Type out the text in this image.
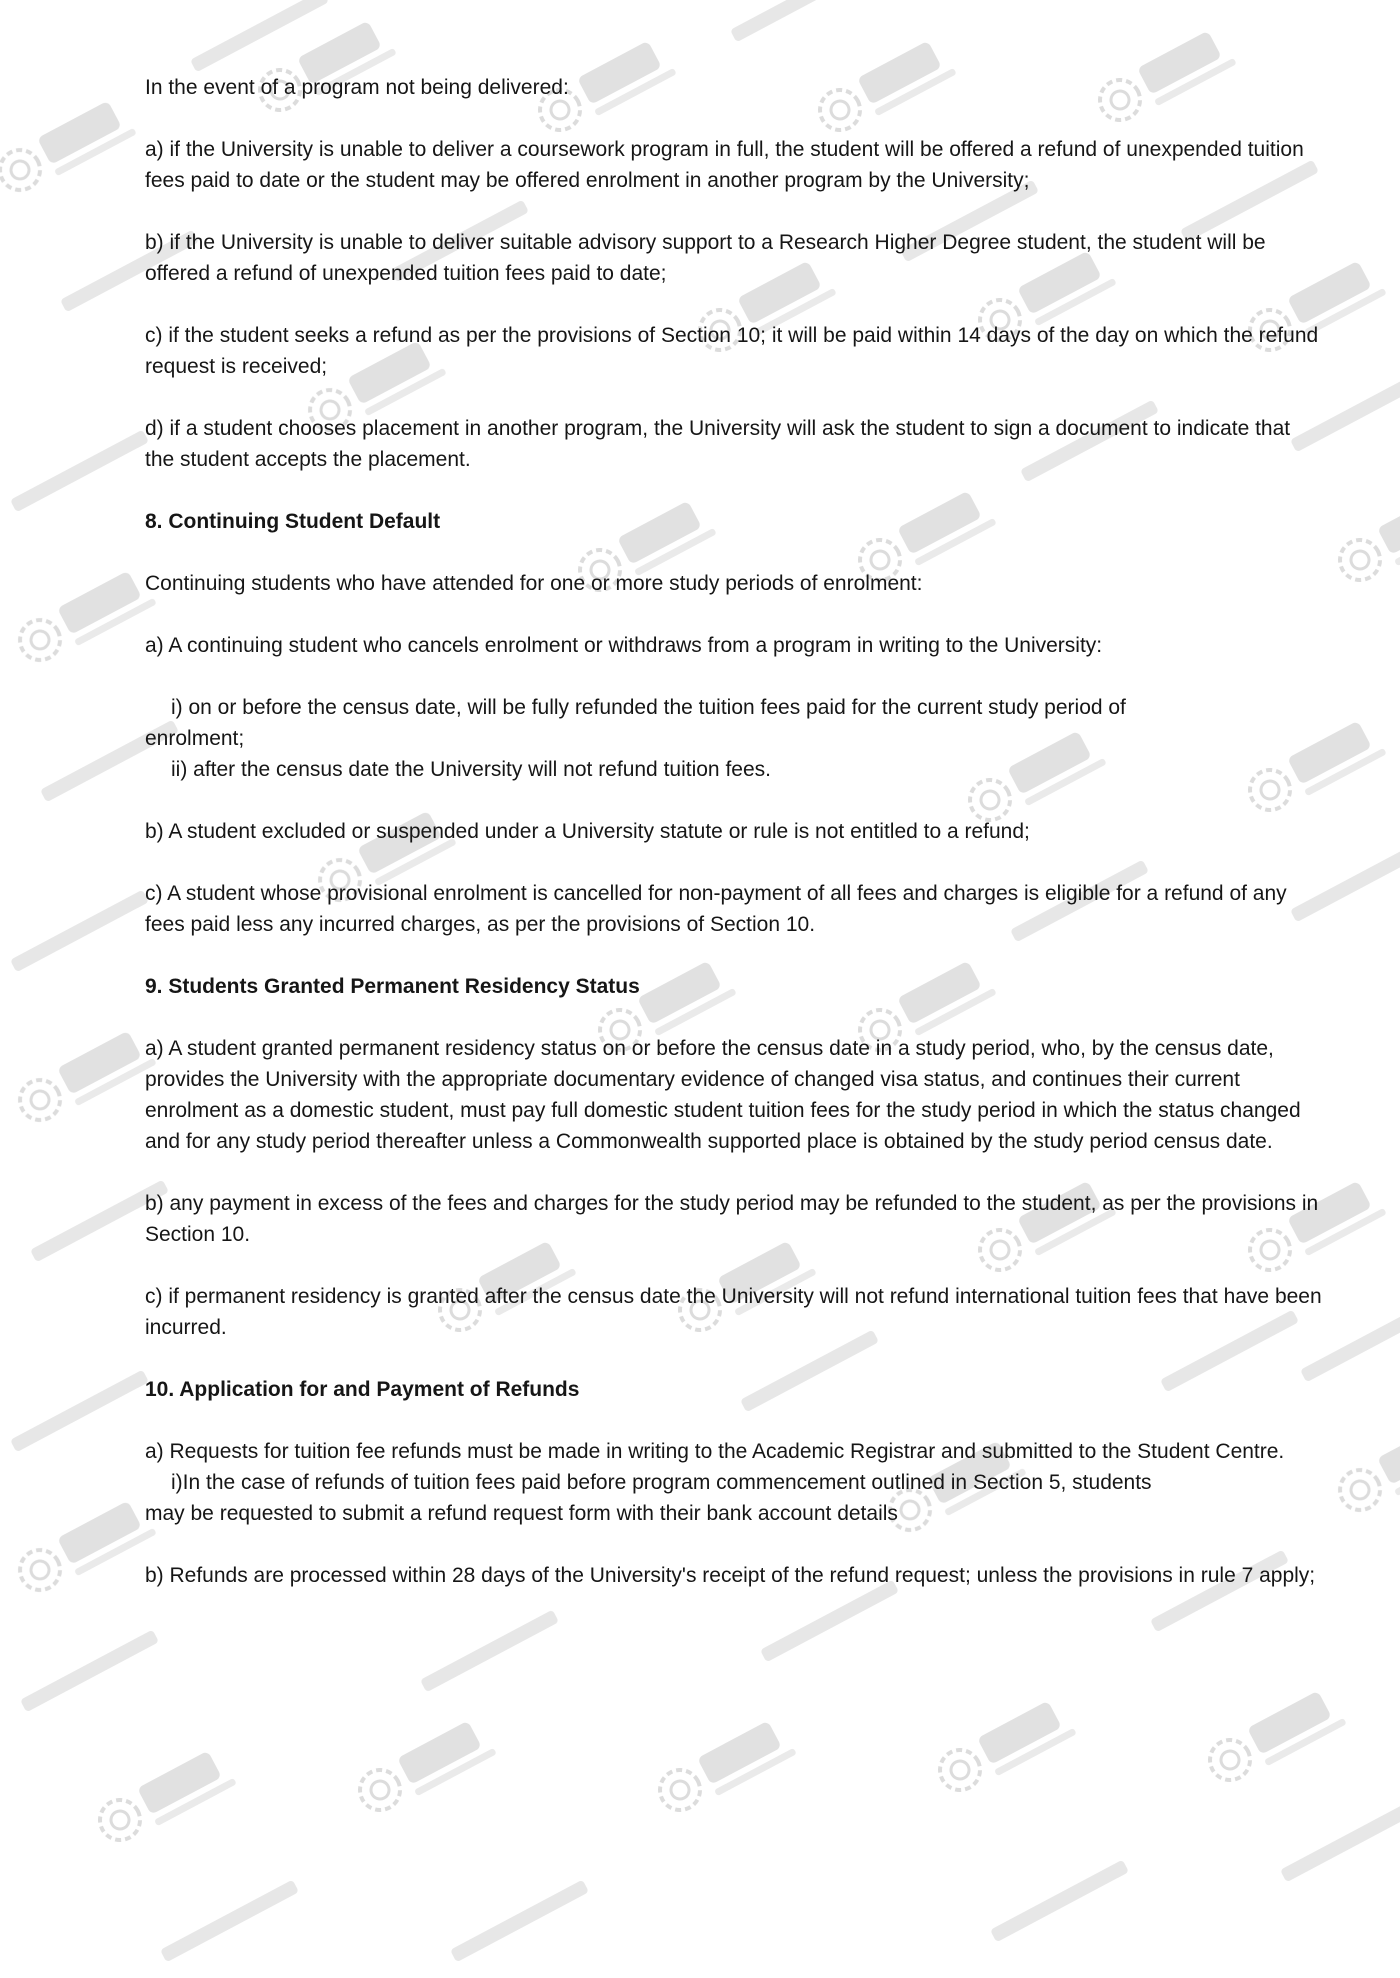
In the event of a program not being delivered:

a) if the University is unable to deliver a coursework program in full, the student will be offered a refund of unexpended tuition fees paid to date or the student may be offered enrolment in another program by the University;

b) if the University is unable to deliver suitable advisory support to a Research Higher Degree student, the student will be offered a refund of unexpended tuition fees paid to date;

c) if the student seeks a refund as per the provisions of Section 10; it will be paid within 14 days of the day on which the refund request is received;

d) if a student chooses placement in another program, the University will ask the student to sign a document to indicate that the student accepts the placement.

8. Continuing Student Default

Continuing students who have attended for one or more study periods of enrolment:

a) A continuing student who cancels enrolment or withdraws from a program in writing to the University:

i) on or before the census date, will be fully refunded the tuition fees paid for the current study period of
enrolment;

ii) after the census date the University will not refund tuition fees.

b) A student excluded or suspended under a University statute or rule is not entitled to a refund;

c) A student whose provisional enrolment is cancelled for non-payment of all fees and charges is eligible for a refund of any fees paid less any incurred charges, as per the provisions of Section 10.

9. Students Granted Permanent Residency Status

a) A student granted permanent residency status on or before the census date in a study period, who, by the census date, provides the University with the appropriate documentary evidence of changed visa status, and continues their current enrolment as a domestic student, must pay full domestic student tuition fees for the study period in which the status changed and for any study period thereafter unless a Commonwealth supported place is obtained by the study period census date.

b) any payment in excess of the fees and charges for the study period may be refunded to the student, as per the provisions in Section 10.

c) if permanent residency is granted after the census date the University will not refund international tuition fees that have been incurred.

10. Application for and Payment of Refunds

a) Requests for tuition fee refunds must be made in writing to the Academic Registrar and submitted to the Student Centre.

i)In the case of refunds of tuition fees paid before program commencement outlined in Section 5, students
may be requested to submit a refund request form with their bank account details

b) Refunds are processed within 28 days of the University's receipt of the refund request; unless the provisions in rule 7 apply;
